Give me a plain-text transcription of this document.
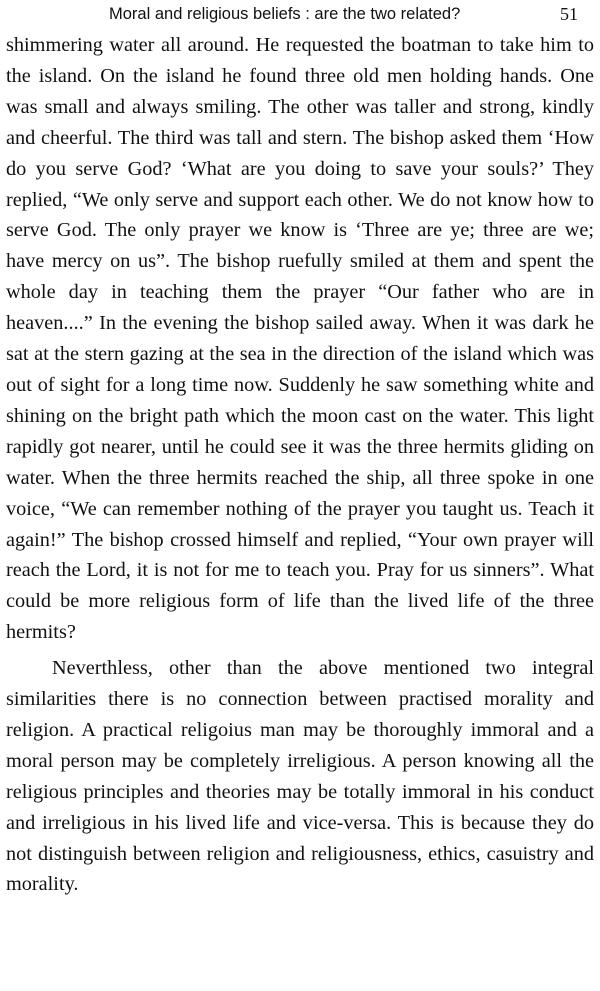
Moral and religious beliefs : are the two related?	51

shimmering water all around. He requested the boatman to take him to the island. On the island he found three old men holding hands. One was small and always smiling. The other was taller and strong, kindly and cheerful. The third was tall and stern. The bishop asked them ‘How do you serve God? ‘What are you doing to save your souls?’ They replied, “We only serve and support each other. We do not know how to serve God. The only prayer we know is ‘Three are ye; three are we; have mercy on us”. The bishop ruefully smiled at them and spent the whole day in teaching them the prayer “Our father who are in heaven....” In the evening the bishop sailed away. When it was dark he sat at the stern gazing at the sea in the direction of the island which was out of sight for a long time now. Suddenly he saw something white and shining on the bright path which the moon cast on the water. This light rapidly got nearer, until he could see it was the three hermits gliding on water. When the three hermits reached the ship, all three spoke in one voice, “We can remember nothing of the prayer you taught us. Teach it again!” The bishop crossed himself and replied, “Your own prayer will reach the Lord, it is not for me to teach you. Pray for us sinners”. What could be more religious form of life than the lived life of the three hermits?

Neverthless, other than the above mentioned two integral similarities there is no connection between practised morality and religion. A practical religoius man may be thoroughly immoral and a moral person may be completely irreligious. A person knowing all the religious principles and theories may be totally immoral in his conduct and irreligious in his lived life and vice-versa. This is because they do not distinguish between religion and religiousness, ethics, casuistry and morality.
